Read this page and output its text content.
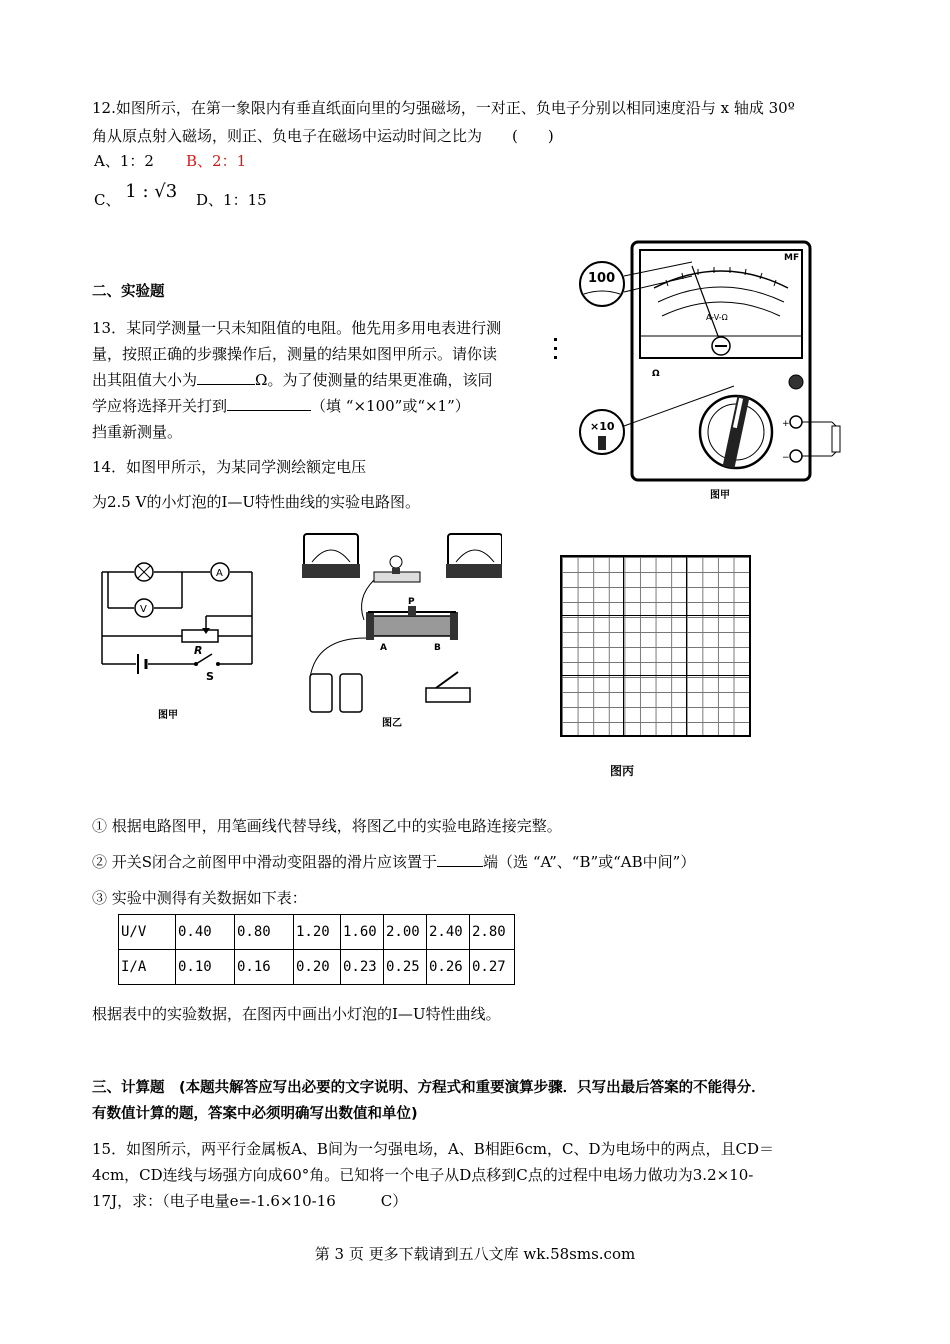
12.如图所示，在第一象限内有垂直纸面向里的匀强磁场，一对正、负电子分别以相同速度沿与 x 轴成 30º
角从原点射入磁场，则正、负电子在磁场中运动时间之比为　　(　　)
A、1：2 B、2：1
C、 1 : √3 D、1：15
二、实验题
13．某同学测量一只未知阻值的电阻。他先用多用电表进行测
量，按照正确的步骤操作后，测量的结果如图甲所示。请你读
出其阻值大小为	Ω。为了使测量的结果更准确，该同
学应将选择开关打到	（填 “×100”或“×1”）
挡重新测量。
14．如图甲所示，为某同学测绘额定电压
为2.5 V的小灯泡的I—U特性曲线的实验电路图。
MF
A-V-Ω
Ω
+
−
100
×10
图甲
A
V
R
S
图甲
P
A	B
图乙
图丙
① 根据电路图甲，用笔画线代替导线，将图乙中的实验电路连接完整。
② 开关S闭合之前图甲中滑动变阻器的滑片应该置于	端（选 “A”、“B”或“AB中间”）
③ 实验中测得有关数据如下表：
U/V	0.40	0.80	1.20	1.60	2.00	2.40	2.80
I/A	0.10	0.16	0.20	0.23	0.25	0.26	0.27
根据表中的实验数据，在图丙中画出小灯泡的I—U特性曲线。
三、计算题　(本题共解答应写出必要的文字说明、方程式和重要演算步骤．只写出最后答案的不能得分．
有数值计算的题，答案中必须明确写出数值和单位)
15．如图所示，两平行金属板A、B间为一匀强电场，A、B相距6cm，C、D为电场中的两点，且CD＝
4cm，CD连线与场强方向成60°角。已知将一个电子从D点移到C点的过程中电场力做功为3.2×10-
17J，求：（电子电量e=-1.6×10-16　　　C）
第 3 页 更多下载请到五八文库 wk.58sms.com
